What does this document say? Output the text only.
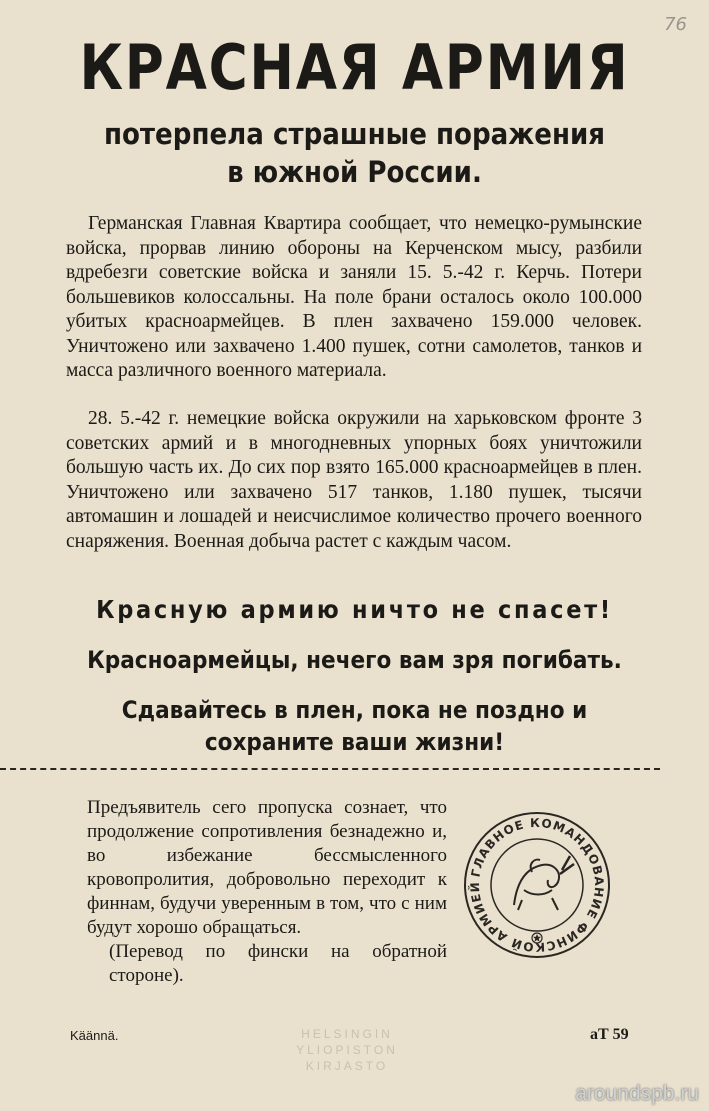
76
КРАСНАЯ АРМИЯ
потерпела страшные поражения
в южной России.
Германская Главная Квартира сообщает, что немецко-румынские войска, прорвав линию обороны на Керченском мысу, разбили вдребезги советские войска и заняли 15. 5.-42 г. Керчь. Потери большевиков колоссальны. На поле брани осталось около 100.000 убитых красноармейцев. В плен захвачено 159.000 человек. Уничтожено или захвачено 1.400 пушек, сотни самолетов, танков и масса различного военного материала.
28. 5.-42 г. немецкие войска окружили на харьковском фронте 3 советских армий и в многодневных упорных боях уничтожили большую часть их. До сих пор взято 165.000 красноармейцев в плен. Уничтожено или захвачено 517 танков, 1.180 пушек, тысячи автомашин и лошадей и неисчислимое количество прочего военного снаряжения. Военная добыча растет с каждым часом.
Красную армию ничто не спасет!
Красноармейцы, нечего вам зря погибать.
Сдавайтесь в плен, пока не поздно и
сохраните ваши жизни!

Предъявитель сего пропуска сознает, что продолжение сопротивления безнадежно и, во избежание бессмысленного кровопролития, добровольно переходит к финнам, будучи уверенным в том, что с ним будут хорошо обращаться.

(Перевод по фински на обратной стороне).

ГЛАВНОЕ КОМАНДОВАНИЕ ФИНСКОЙ АРМИЕЙ
Käännä.	HELSINGIN
YLIOPISTON
KIRJASTO
аТ 59
aroundspb.ru
